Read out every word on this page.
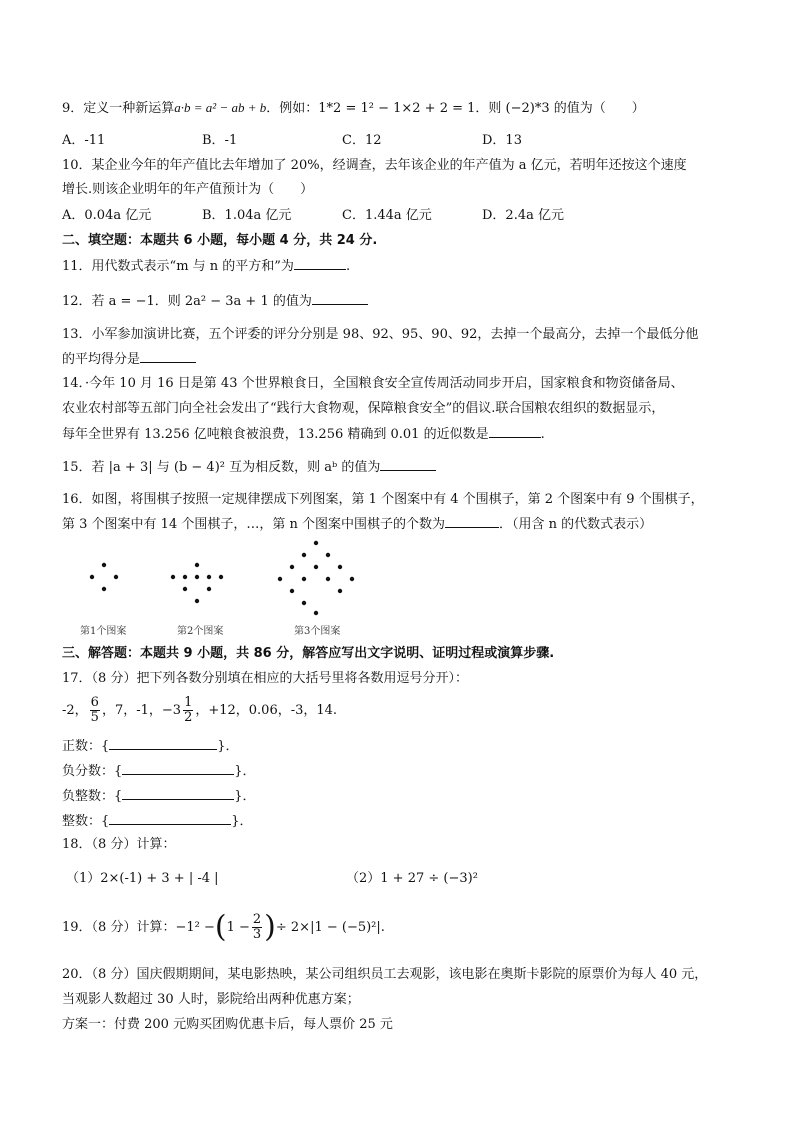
9．定义一种新运算a·b = a² − ab + b．例如：1*2 = 1² − 1×2 + 2 = 1．则 (−2)*3 的值为（　　）
A．-11	B．-1	C．12	D．13
10．某企业今年的年产值比去年增加了 20%，经调查，去年该企业的年产值为 a 亿元，若明年还按这个速度
增长.则该企业明年的年产值预计为（　　）
A．0.04a 亿元	B．1.04a 亿元	C．1.44a 亿元	D．2.4a 亿元
二、填空题：本题共 6 小题，每小题 4 分，共 24 分.
11．用代数式表示“m 与 n 的平方和”为	.
12．若 a = −1．则 2a² − 3a + 1 的值为
13．小军参加演讲比赛，五个评委的评分分别是 98、92、95、90、92，去掉一个最高分，去掉一个最低分他
的平均得分是
14．·今年 10 月 16 日是第 43 个世界粮食日，全国粮食安全宣传周活动同步开启，国家粮食和物资储备局、
农业农村部等五部门向全社会发出了“践行大食物观，保障粮食安全”的倡议.联合国粮农组织的数据显示，
每年全世界有 13.256 亿吨粮食被浪费，13.256 精确到 0.01 的近似数是	.
15．若 |a + 3| 与 (b − 4)² 互为相反数，则 aᵇ 的值为
16．如图，将围棋子按照一定规律摆成下列图案，第 1 个图案中有 4 个围棋子，第 2 个图案中有 9 个围棋子，
第 3 个图案中有 14 个围棋子，…，第 n 个图案中围棋子的个数为	．（用含 n 的代数式表示）
第1个图案	第2个图案	第3个图案
三、解答题：本题共 9 小题，共 86 分，解答应写出文字说明、证明过程或演算步骤.
17．（8 分）把下列各数分别填在相应的大括号里将各数用逗号分开）：
-2， $\frac{6}{5}$ ，7，-1，$-3 \frac{1}{2}$ ，+12，0.06，-3，14.
正数：{	}．
负分数：{	}．
负整数：{	}．
整数：{	}．
18．（8 分）计算：
（1）2×(-1) + 3 + | -4 |	（2）1 + 27 ÷ (−3)²
19．（8 分）计算：$-1^2 -(1 - \frac{2}{3}$ )÷ 2×|1 − (−5)²|.
20．（8 分）国庆假期期间，某电影热映，某公司组织员工去观影，该电影在奥斯卡影院的原票价为每人 40 元，
当观影人数超过 30 人时，影院给出两种优惠方案；
方案一：付费 200 元购买团购优惠卡后，每人票价 25 元
